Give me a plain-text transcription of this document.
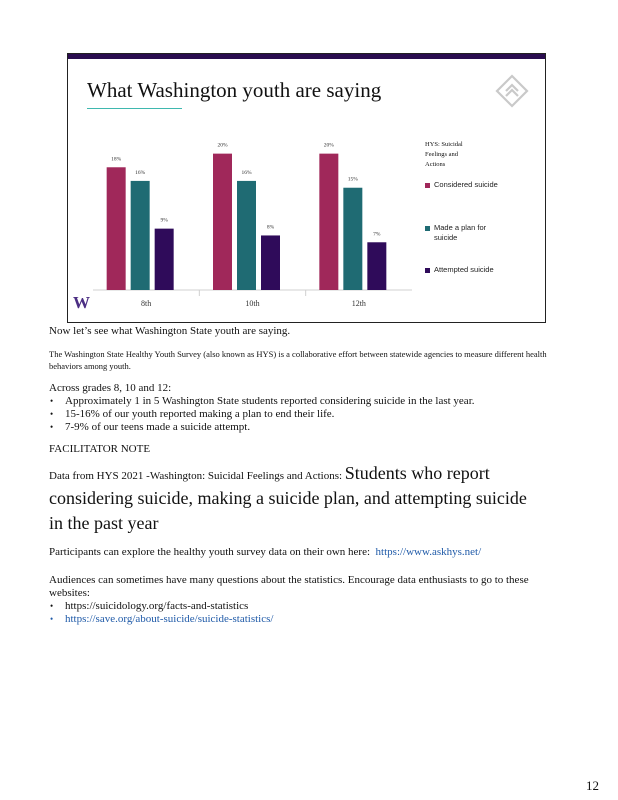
What Washington youth are saying
18%
16%
9%
8th
20%
16%
8%
10th
20%
15%
7%
12th
HYS: Suicidal Feelings and Actions
Considered suicide
Made a plan for suicide
Attempted suicide
W

Now let’s see what Washington State youth are saying.

The Washington State Healthy Youth Survey (also known as HYS) is a collaborative effort between statewide agencies to measure different health behaviors among youth.

Across grades 8, 10 and 12:

• Approximately 1 in 5 Washington State students reported considering suicide in the last year.
• 15-16% of our youth reported making a plan to end their life.
• 7-9% of our teens made a suicide attempt.

FACILITATOR NOTE

Data from HYS 2021 -Washington: Suicidal Feelings and Actions: Students who report considering suicide, making a suicide plan, and attempting suicide in the past year

Participants can explore the healthy youth survey data on their own here: https://www.askhys.net/

Audiences can sometimes have many questions about the statistics. Encourage data enthusiasts to go to these websites:

• https://suicidology.org/facts-and-statistics
• https://save.org/about-suicide/suicide-statistics/
12
